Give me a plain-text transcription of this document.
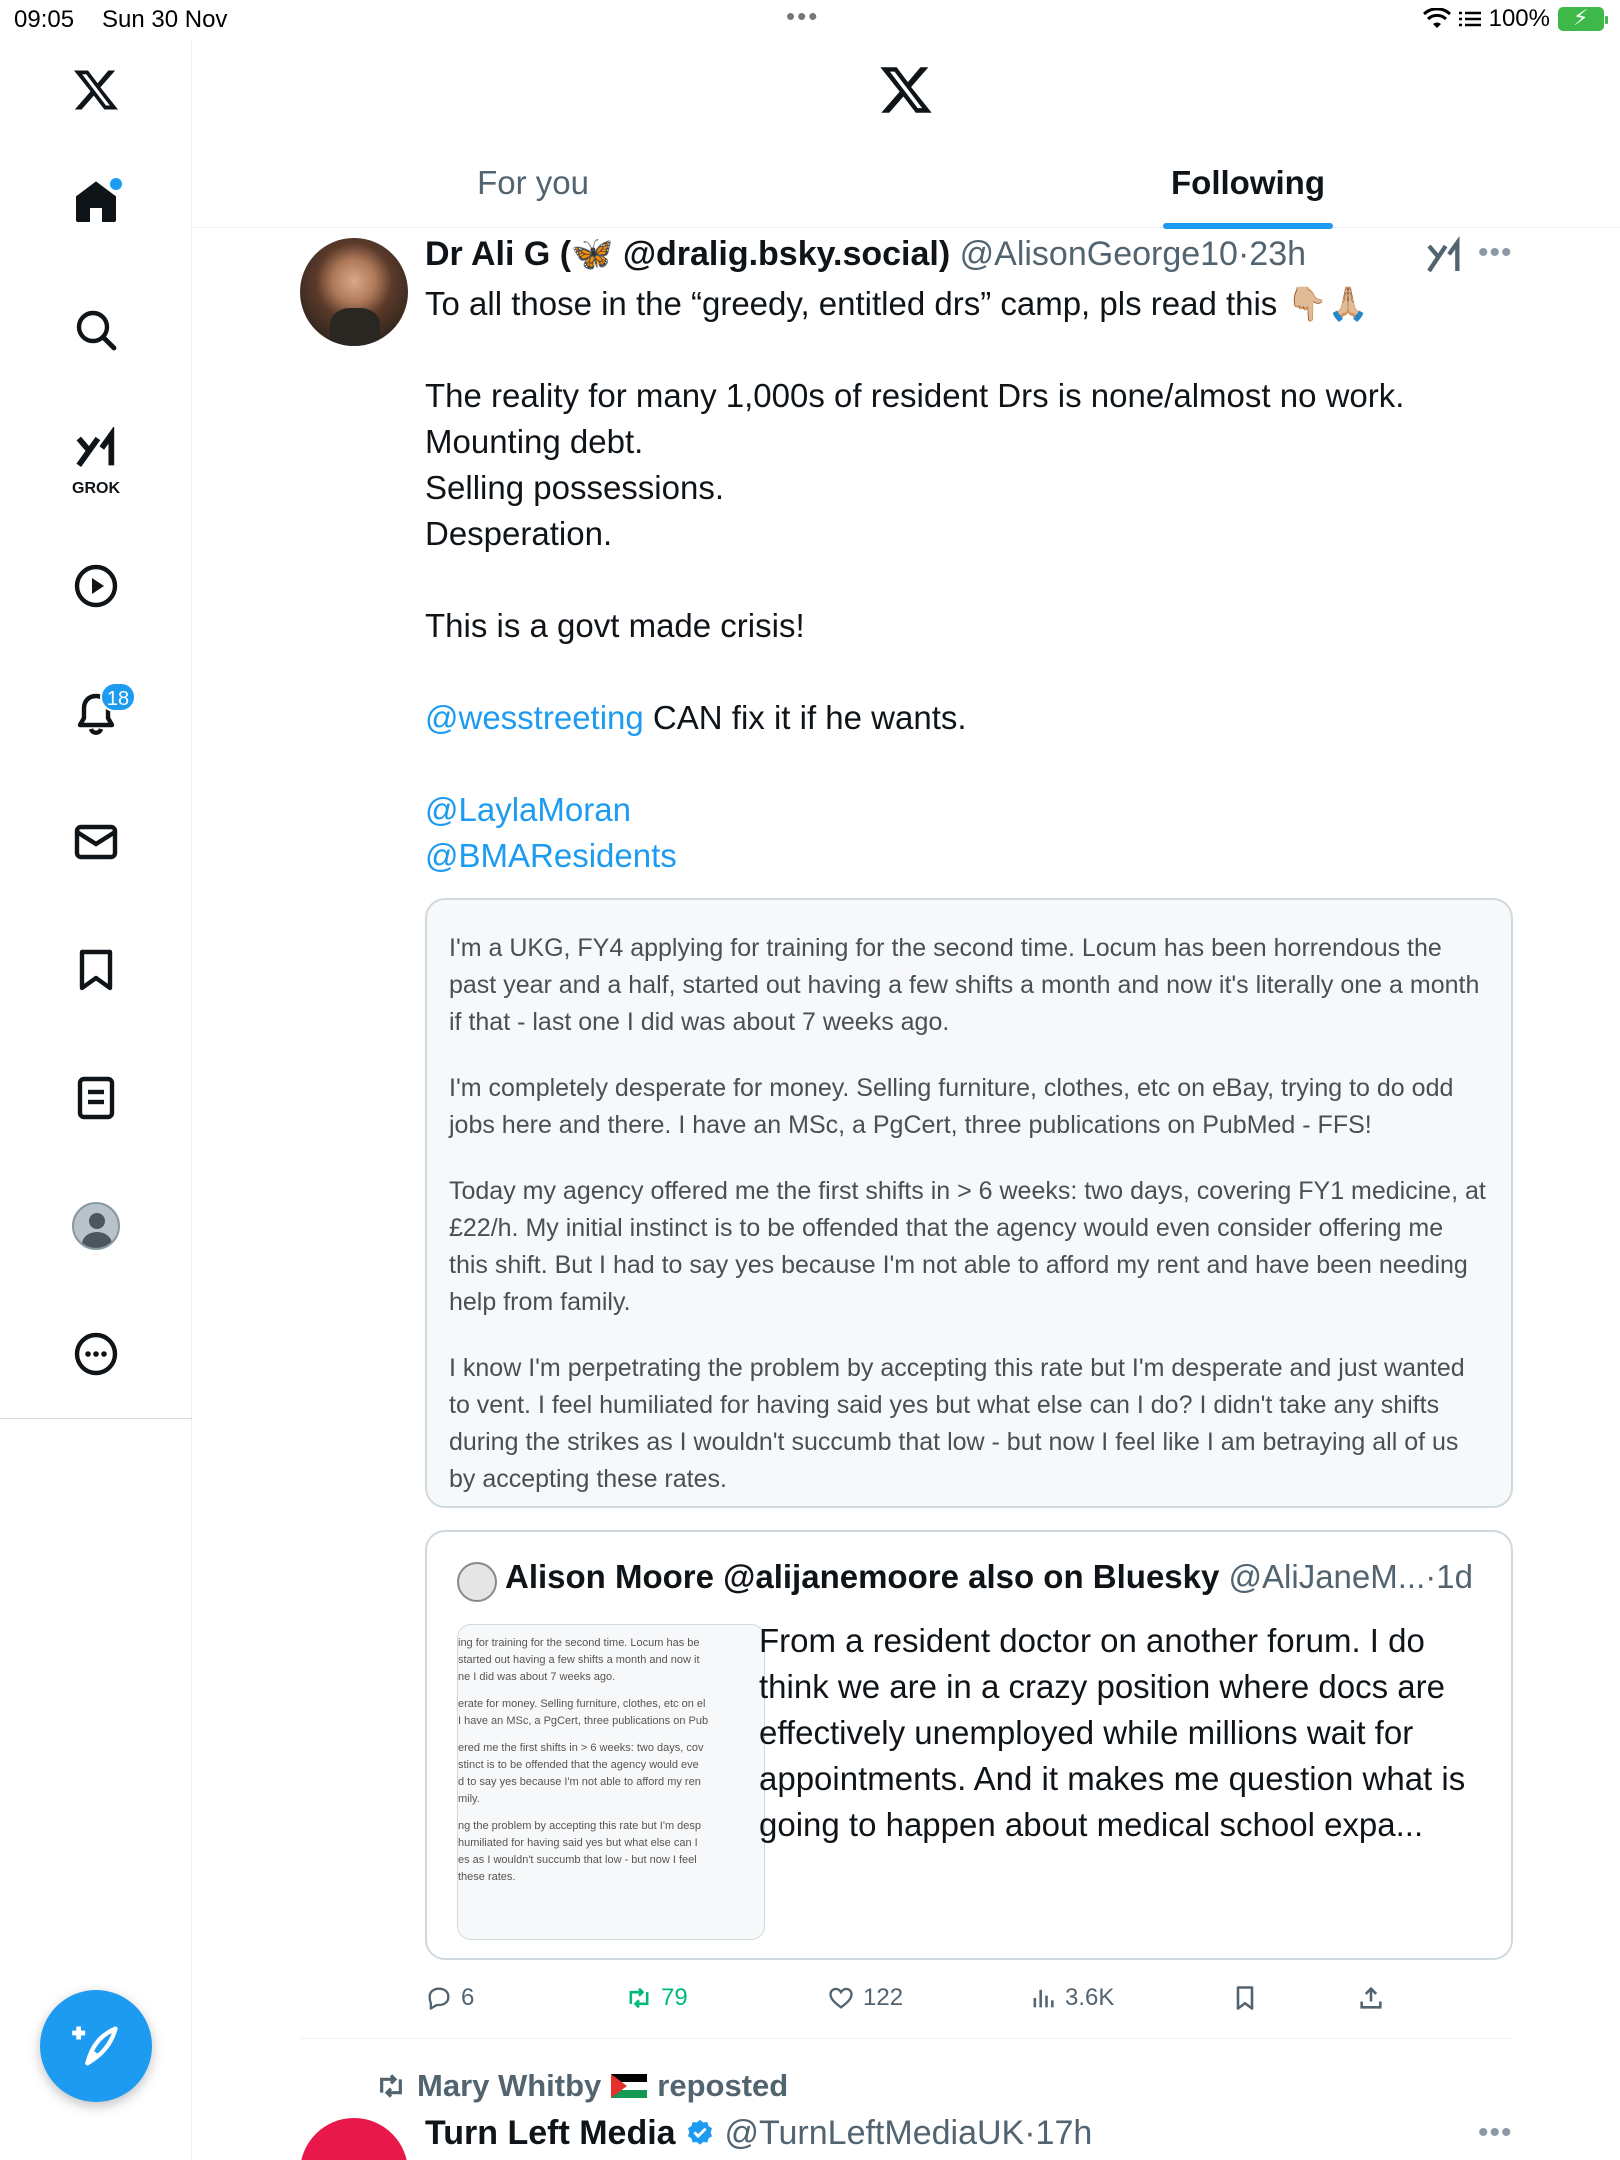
09:05 Sun 30 Nov	•••	100% ⚡
GROK
18
For you	Following
Dr Ali G (🦋 @dralig.bsky.social) @AlisonGeorge10·23h	•••

To all those in the “greedy, entitled drs” camp, pls read this 👇🏼🙏🏼

The reality for many 1,000s of resident Drs is none/almost no work.

Mounting debt.

Selling possessions.

Desperation.

This is a govt made crisis!

@wesstreeting CAN fix it if he wants.

@LaylaMoran

@BMAResidents

I'm a UKG, FY4 applying for training for the second time. Locum has been horrendous the past year and a half, started out having a few shifts a month and now it's literally one a month if that - last one I did was about 7 weeks ago.

I'm completely desperate for money. Selling furniture, clothes, etc on eBay, trying to do odd jobs here and there. I have an MSc, a PgCert, three publications on PubMed - FFS!

Today my agency offered me the first shifts in > 6 weeks: two days, covering FY1 medicine, at £22/h. My initial instinct is to be offended that the agency would even consider offering me this shift. But I had to say yes because I'm not able to afford my rent and have been needing help from family.

I know I'm perpetrating the problem by accepting this rate but I'm desperate and just wanted to vent. I feel humiliated for having said yes but what else can I do? I didn't take any shifts during the strikes as I wouldn't succumb that low - but now I feel like I am betraying all of us by accepting these rates.

Alison Moore @alijanemoore also on Bluesky @AliJaneM...·1d

ing for training for the second time. Locum has be
started out having a few shifts a month and now it
ne I did was about 7 weeks ago.

erate for money. Selling furniture, clothes, etc on el
I have an MSc, a PgCert, three publications on Pub

ered me the first shifts in > 6 weeks: two days, cov
stinct is to be offended that the agency would eve
d to say yes because I'm not able to afford my ren
mily.

ng the problem by accepting this rate but I'm desp
humiliated for having said yes but what else can I
es as I wouldn't succumb that low - but now I feel
these rates.

From a resident doctor on another forum. I do think we are in a crazy position where docs are effectively unemployed while millions wait for appointments. And it makes me question what is going to happen about medical school expa...
6	79	122	3.6K
Mary Whitby reposted
Turn Left Media @TurnLeftMediaUK·17h	•••
